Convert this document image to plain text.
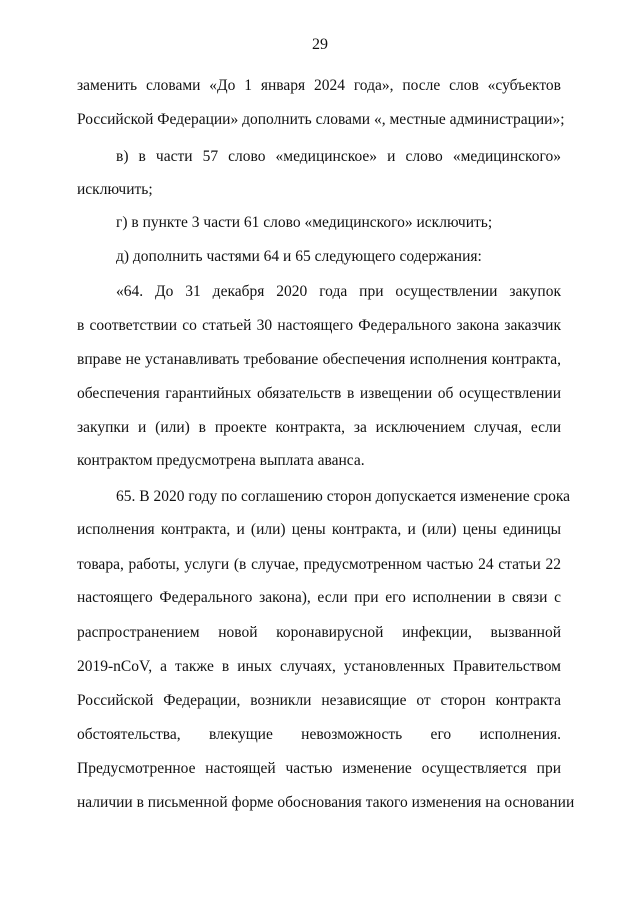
29
заменить словами «До 1 января 2024 года», после слов «субъектов
Российской Федерации» дополнить словами «, местные администрации»;
в) в части 57 слово «медицинское» и слово «медицинского»
исключить;
г) в пункте 3 части 61 слово «медицинского» исключить;
д) дополнить частями 64 и 65 следующего содержания:
«64. До 31 декабря 2020 года при осуществлении закупок
в соответствии со статьей 30 настоящего Федерального закона заказчик
вправе не устанавливать требование обеспечения исполнения контракта,
обеспечения гарантийных обязательств в извещении об осуществлении
закупки и (или) в проекте контракта, за исключением случая, если
контрактом предусмотрена выплата аванса.
65. В 2020 году по соглашению сторон допускается изменение срока
исполнения контракта, и (или) цены контракта, и (или) цены единицы
товара, работы, услуги (в случае, предусмотренном частью 24 статьи 22
настоящего Федерального закона), если при его исполнении в связи с
распространением новой коронавирусной инфекции, вызванной
2019-nCoV, а также в иных случаях, установленных Правительством
Российской Федерации, возникли независящие от сторон контракта
обстоятельства, влекущие невозможность его исполнения.
Предусмотренное настоящей частью изменение осуществляется при
наличии в письменной форме обоснования такого изменения на основании
